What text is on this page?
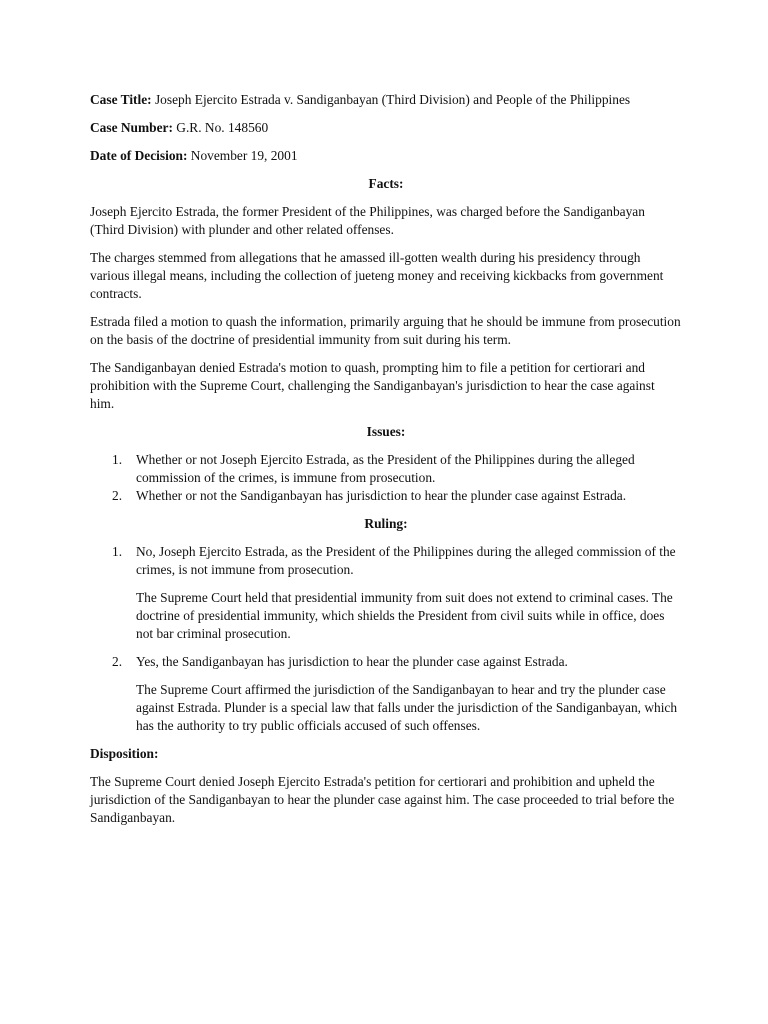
Case Title: Joseph Ejercito Estrada v. Sandiganbayan (Third Division) and People of the Philippines

Case Number: G.R. No. 148560

Date of Decision: November 19, 2001

Facts:

Joseph Ejercito Estrada, the former President of the Philippines, was charged before the Sandiganbayan (Third Division) with plunder and other related offenses.

The charges stemmed from allegations that he amassed ill-gotten wealth during his presidency through various illegal means, including the collection of jueteng money and receiving kickbacks from government contracts.

Estrada filed a motion to quash the information, primarily arguing that he should be immune from prosecution on the basis of the doctrine of presidential immunity from suit during his term.

The Sandiganbayan denied Estrada's motion to quash, prompting him to file a petition for certiorari and prohibition with the Supreme Court, challenging the Sandiganbayan's jurisdiction to hear the case against him.

Issues:

1. Whether or not Joseph Ejercito Estrada, as the President of the Philippines during the alleged commission of the crimes, is immune from prosecution.
2. Whether or not the Sandiganbayan has jurisdiction to hear the plunder case against Estrada.

Ruling:

1. No, Joseph Ejercito Estrada, as the President of the Philippines during the alleged commission of the crimes, is not immune from prosecution.

The Supreme Court held that presidential immunity from suit does not extend to criminal cases. The doctrine of presidential immunity, which shields the President from civil suits while in office, does not bar criminal prosecution.

2. Yes, the Sandiganbayan has jurisdiction to hear the plunder case against Estrada.

The Supreme Court affirmed the jurisdiction of the Sandiganbayan to hear and try the plunder case against Estrada. Plunder is a special law that falls under the jurisdiction of the Sandiganbayan, which has the authority to try public officials accused of such offenses.

Disposition:

The Supreme Court denied Joseph Ejercito Estrada's petition for certiorari and prohibition and upheld the jurisdiction of the Sandiganbayan to hear the plunder case against him. The case proceeded to trial before the Sandiganbayan.
